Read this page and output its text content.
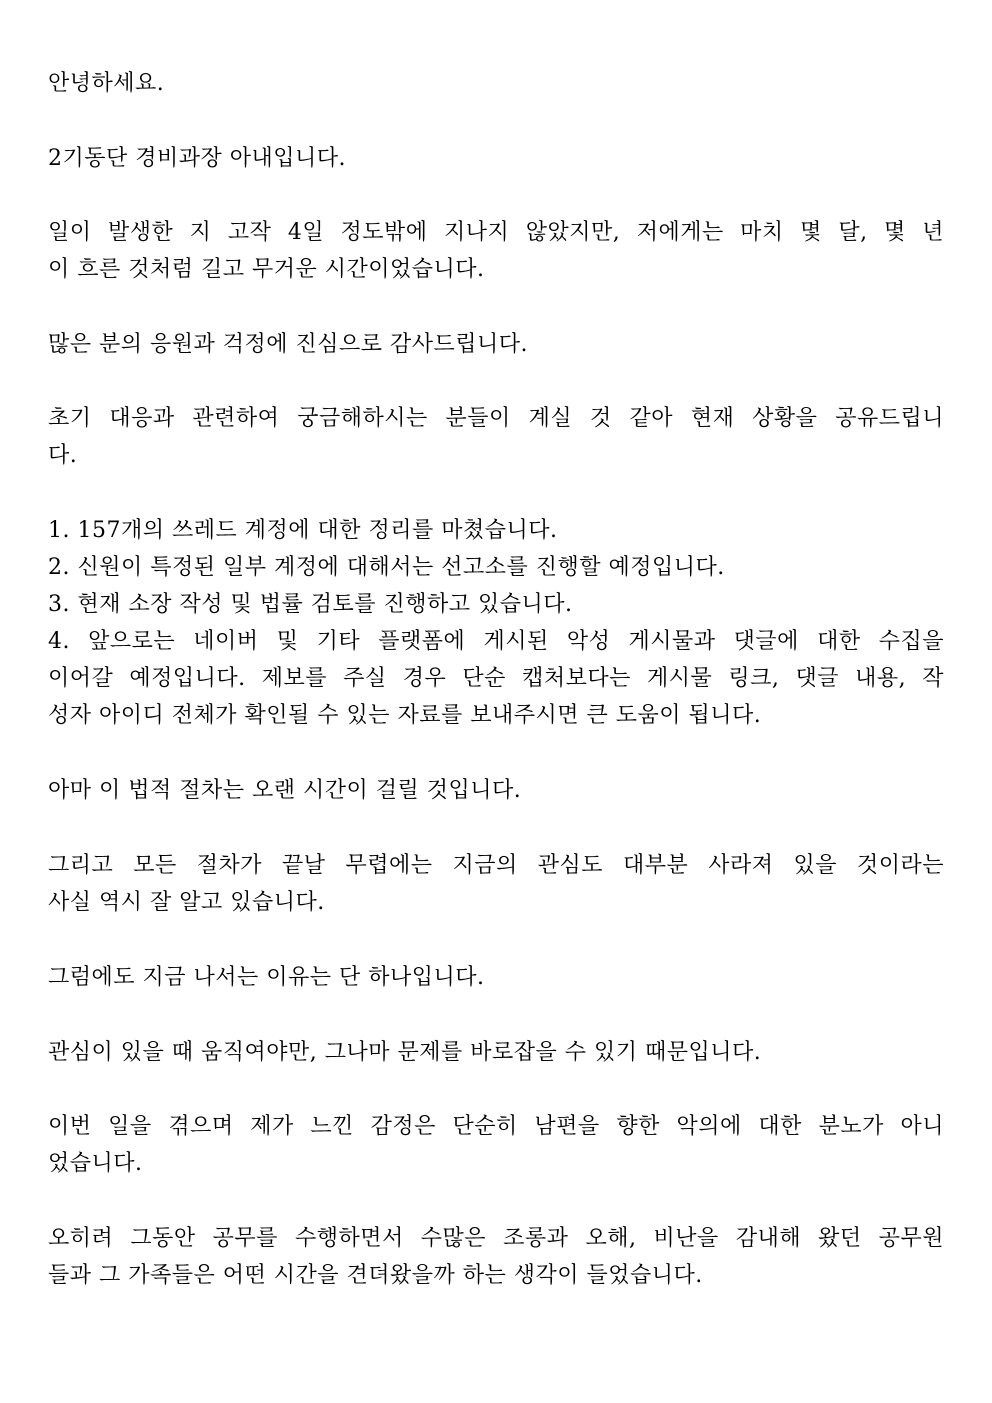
안녕하세요.
2기동단 경비과장 아내입니다.
일이 발생한 지 고작 4일 정도밖에 지나지 않았지만, 저에게는 마치 몇 달, 몇 년
이 흐른 것처럼 길고 무거운 시간이었습니다.
많은 분의 응원과 걱정에 진심으로 감사드립니다.
초기 대응과 관련하여 궁금해하시는 분들이 계실 것 같아 현재 상황을 공유드립니
다.
1. 157개의 쓰레드 계정에 대한 정리를 마쳤습니다.
2. 신원이 특정된 일부 계정에 대해서는 선고소를 진행할 예정입니다.
3. 현재 소장 작성 및 법률 검토를 진행하고 있습니다.
4. 앞으로는 네이버 및 기타 플랫폼에 게시된 악성 게시물과 댓글에 대한 수집을
이어갈 예정입니다. 제보를 주실 경우 단순 캡처보다는 게시물 링크, 댓글 내용, 작
성자 아이디 전체가 확인될 수 있는 자료를 보내주시면 큰 도움이 됩니다.
아마 이 법적 절차는 오랜 시간이 걸릴 것입니다.
그리고 모든 절차가 끝날 무렵에는 지금의 관심도 대부분 사라져 있을 것이라는
사실 역시 잘 알고 있습니다.
그럼에도 지금 나서는 이유는 단 하나입니다.
관심이 있을 때 움직여야만, 그나마 문제를 바로잡을 수 있기 때문입니다.
이번 일을 겪으며 제가 느낀 감정은 단순히 남편을 향한 악의에 대한 분노가 아니
었습니다.
오히려 그동안 공무를 수행하면서 수많은 조롱과 오해, 비난을 감내해 왔던 공무원
들과 그 가족들은 어떤 시간을 견뎌왔을까 하는 생각이 들었습니다.
